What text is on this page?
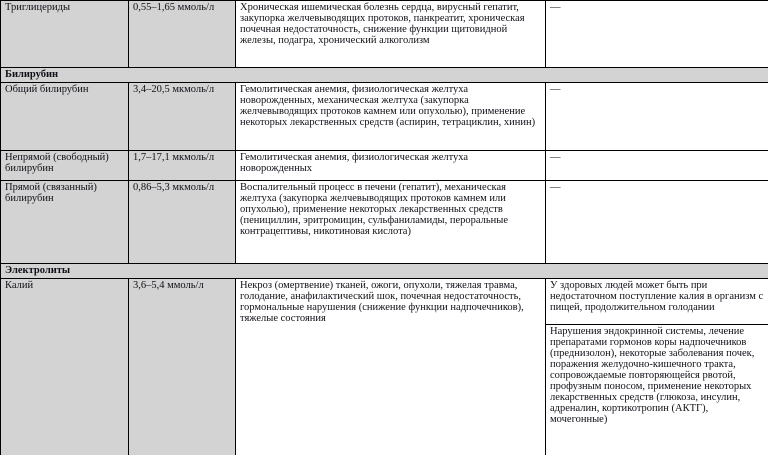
Триглицериды	0,55–1,65 ммоль/л	Хроническая ишемическая болезнь сердца, вирусный гепатит, закупорка желчевыводящих протоков, панкреатит, хроническая почечная недостаточность, снижение функции щитовидной железы, подагра, хронический алкоголизм	—
Билирубин			
Общий билирубин	3,4–20,5 мкмоль/л	Гемолитическая анемия, физиологическая желтуха новорожденных, механическая желтуха (закупорка желчевыводящих протоков камнем или опухолью), применение некоторых лекарственных средств (аспирин, тетрациклин, хинин)	—
Непрямой (свободный) билирубин	1,7–17,1 мкмоль/л	Гемолитическая анемия, физиологическая желтуха новорожденных	—
Прямой (связанный) билирубин	0,86–5,3 мкмоль/л	Воспалительный процесс в печени (гепатит), механическая желтуха (закупорка желчевыводящих протоков камнем или опухолью), применение некоторых лекарственных средств (пенициллин, эритромицин, сульфаниламиды, пероральные контрацептивы, никотиновая кислота)	—
Электролиты			
Калий	3,6–5,4 ммоль/л	Некроз (омертвение) тканей, ожоги, опухоли, тяжелая травма, голодание, анафилактический шок, почечная недостаточность, гормональные нарушения (снижение функции надпочечников), тяжелые состояния	У здоровых людей может быть при недостаточном поступление калия в организм с пищей, продолжительном голодании
			Нарушения эндокринной системы, лечение препаратами гормонов коры надпочечников (преднизолон), некоторые заболевания почек, поражения желудочно-кишечного тракта, сопровождаемые повторяющейся рвотой, профузным поносом, применение некоторых лекарственных средств (глюкоза, инсулин, адреналин, кортикотропин (АКТГ), мочегонные)
